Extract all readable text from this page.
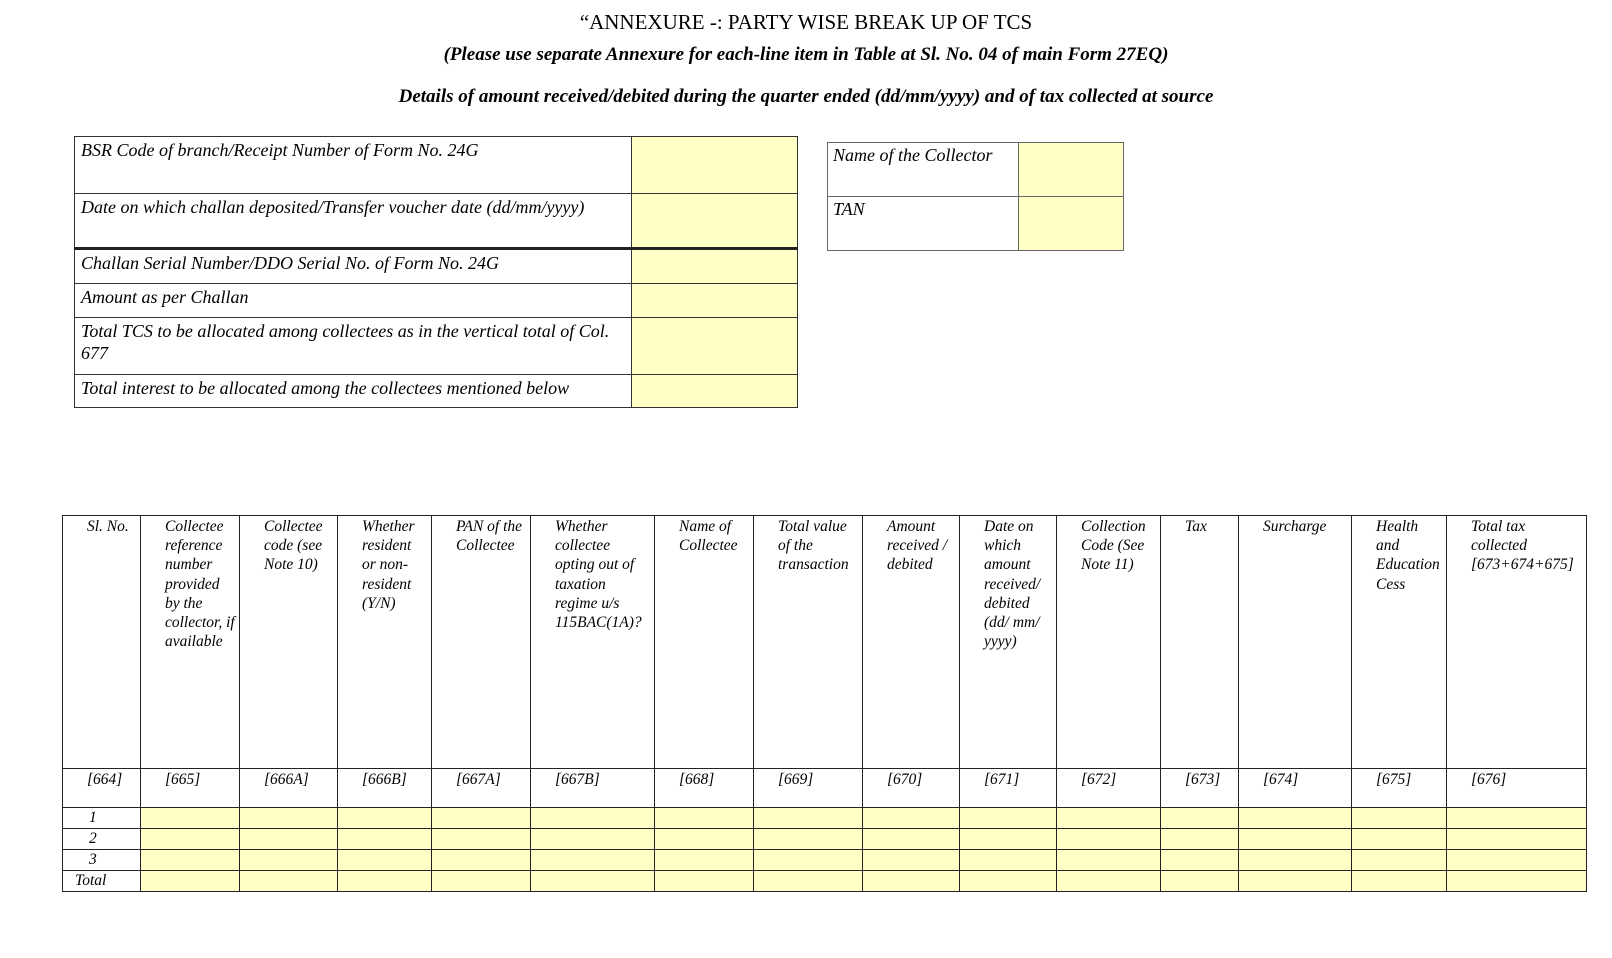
“ANNEXURE -: PARTY WISE BREAK UP OF TCS
(Please use separate Annexure for each-line item in Table at Sl. No. 04 of main Form 27EQ)
Details of amount received/debited during the quarter ended (dd/mm/yyyy) and of tax collected at source
BSR Code of branch/Receipt Number of Form No. 24G	
Date on which challan deposited/Transfer voucher date (dd/mm/yyyy)	
Challan Serial Number/DDO Serial No. of Form No. 24G	
Amount as per Challan	
Total TCS to be allocated among collectees as in the vertical total of Col. 677	
Total interest to be allocated among the collectees mentioned below	
Name of the Collector	
TAN	
Sl. No.	Collectee reference number provided by the collector, if available	Collectee code (see Note 10)	Whether resident or non-resident (Y/N)	PAN of the Collectee	Whether collectee opting out of taxation regime u/s 115BAC(1A)?	Name of Collectee	Total value of the transaction	Amount received / debited	Date on which amount received/ debited (dd/ mm/ yyyy)	Collection Code (See Note 11)	Tax	Surcharge	Health and Education Cess	Total tax collected [673+674+675]
[664]	[665]	[666A]	[666B]	[667A]	[667B]	[668]	[669]	[670]	[671]	[672]	[673]	[674]	[675]	[676]
1														
2														
3														
Total														
